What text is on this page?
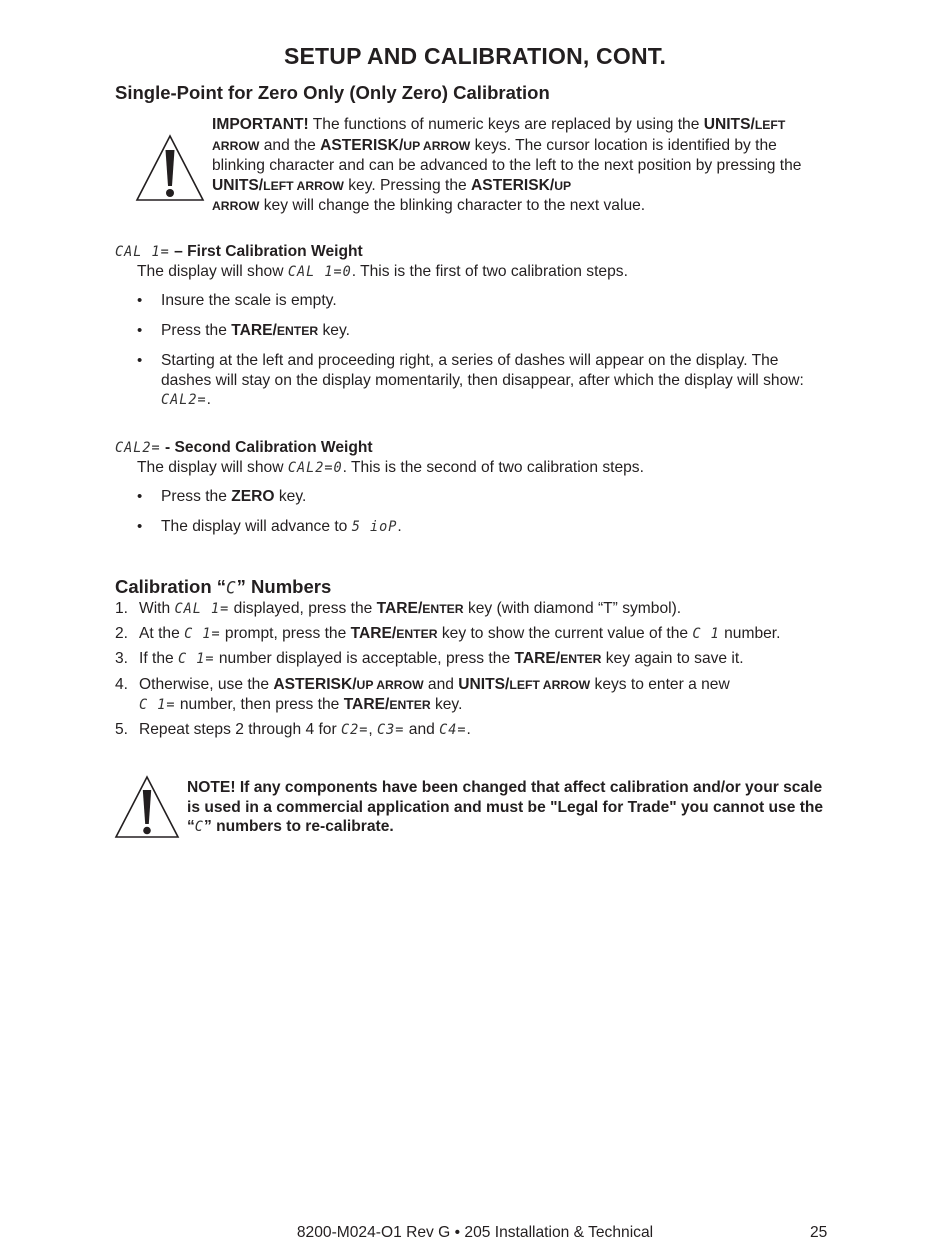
SETUP AND CALIBRATION, CONT.
Single-Point for Zero Only (Only Zero) Calibration

IMPORTANT! The functions of numeric keys are replaced by using the UNITS/LEFT ARROW and the ASTERISK/UP ARROW keys. The cursor location is identified by the blinking character and can be advanced to the left to the next position by pressing the UNITS/LEFT ARROW key. Pressing the ASTERISK/UP
ARROW key will change the blinking character to the next value.

CAL 1= – First Calibration Weight

The display will show CAL 1=0. This is the first of two calibration steps.

• Insure the scale is empty.
• Press the TARE/ENTER key.
• Starting at the left and proceeding right, a series of dashes will appear on the display. The dashes will stay on the display momentarily, then disappear, after which the display will show: CAL2=.

CAL2= - Second Calibration Weight

The display will show CAL2=0. This is the second of two calibration steps.

• Press the ZERO key.
• The display will advance to 5 ioP.
Calibration “C” Numbers
1. With CAL 1= displayed, press the TARE/ENTER key (with diamond “T” symbol).
2. At the C 1= prompt, press the TARE/ENTER key to show the current value of the C 1 number.
3. If the C 1= number displayed is acceptable, press the TARE/ENTER key again to save it.
4. Otherwise, use the ASTERISK/UP ARROW and UNITS/LEFT ARROW keys to enter a new
C 1= number, then press the TARE/ENTER key.
5. Repeat steps 2 through 4 for C2=, C3= and C4=.

NOTE! If any components have been changed that affect calibration and/or your scale is used in a commercial application and must be "Legal for Trade" you cannot use the “C” numbers to re-calibrate.

8200-M024-O1 Rev G • 205 Installation & Technical	25
